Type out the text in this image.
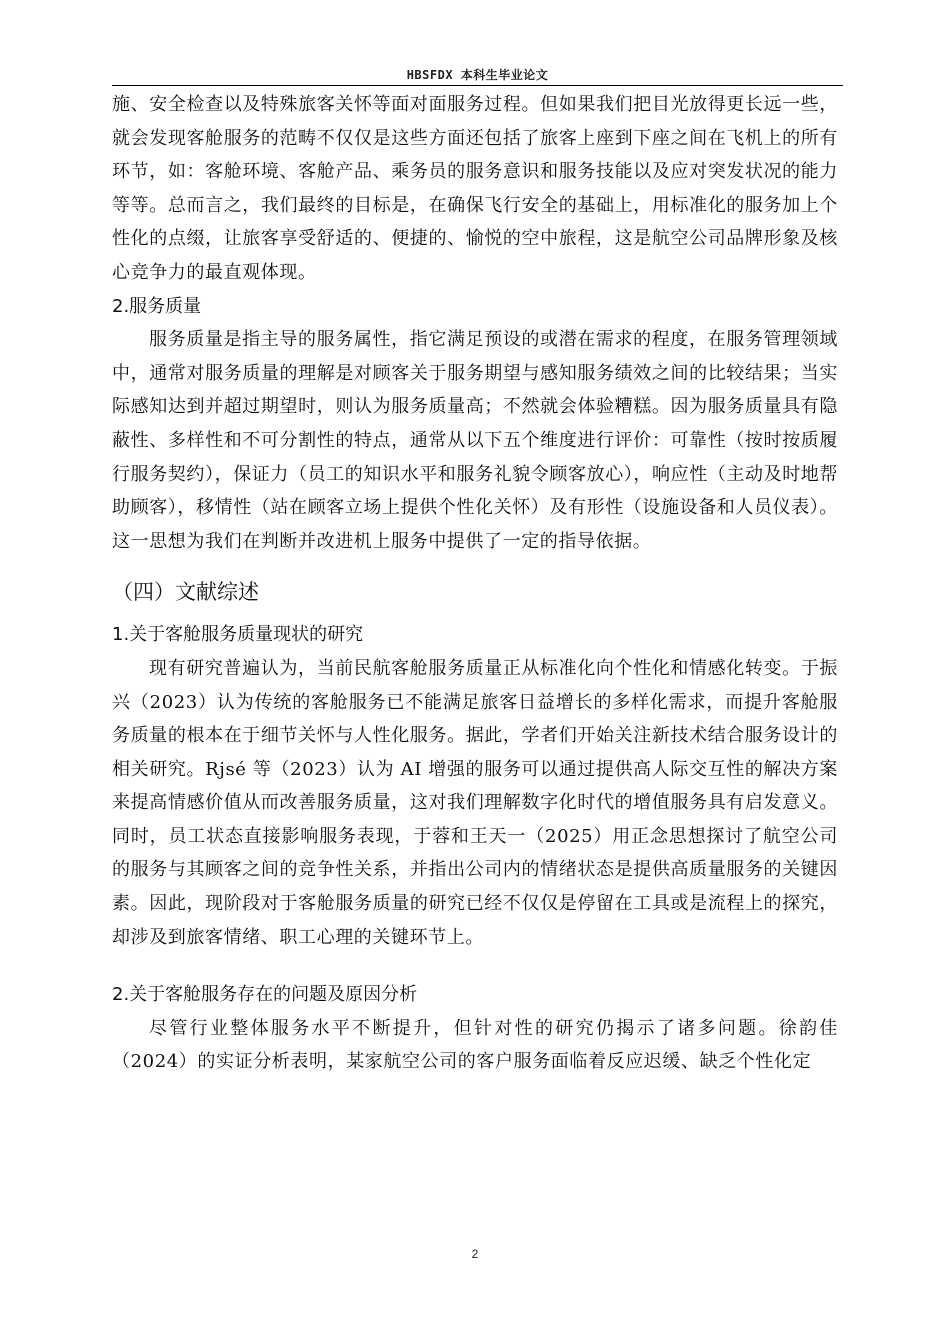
HBSFDX 本科生毕业论文

施、安全检查以及特殊旅客关怀等面对面服务过程。但如果我们把目光放得更长远一些，就会发现客舱服务的范畴不仅仅是这些方面还包括了旅客上座到下座之间在飞机上的所有环节，如：客舱环境、客舱产品、乘务员的服务意识和服务技能以及应对突发状况的能力等等。总而言之，我们最终的目标是，在确保飞行安全的基础上，用标准化的服务加上个性化的点缀，让旅客享受舒适的、便捷的、愉悦的空中旅程，这是航空公司品牌形象及核心竞争力的最直观体现。

2.服务质量

服务质量是指主导的服务属性，指它满足预设的或潜在需求的程度，在服务管理领域中，通常对服务质量的理解是对顾客关于服务期望与感知服务绩效之间的比较结果；当实际感知达到并超过期望时，则认为服务质量高；不然就会体验糟糕。因为服务质量具有隐蔽性、多样性和不可分割性的特点，通常从以下五个维度进行评价：可靠性（按时按质履行服务契约），保证力（员工的知识水平和服务礼貌令顾客放心），响应性（主动及时地帮助顾客），移情性（站在顾客立场上提供个性化关怀）及有形性（设施设备和人员仪表）。这一思想为我们在判断并改进机上服务中提供了一定的指导依据。

（四）文献综述
1.关于客舱服务质量现状的研究

现有研究普遍认为，当前民航客舱服务质量正从标准化向个性化和情感化转变。于振兴（2023）认为传统的客舱服务已不能满足旅客日益增长的多样化需求，而提升客舱服务质量的根本在于细节关怀与人性化服务。据此，学者们开始关注新技术结合服务设计的相关研究。Rjsé 等（2023）认为 AI 增强的服务可以通过提供高人际交互性的解决方案来提高情感价值从而改善服务质量，这对我们理解数字化时代的增值服务具有启发意义。同时，员工状态直接影响服务表现，于蓉和王天一（2025）用正念思想探讨了航空公司的服务与其顾客之间的竞争性关系，并指出公司内的情绪状态是提供高质量服务的关键因素。因此，现阶段对于客舱服务质量的研究已经不仅仅是停留在工具或是流程上的探究，却涉及到旅客情绪、职工心理的关键环节上。

2.关于客舱服务存在的问题及原因分析

尽管行业整体服务水平不断提升，但针对性的研究仍揭示了诸多问题。徐韵佳（2024）的实证分析表明，某家航空公司的客户服务面临着反应迟缓、缺乏个性化定

2
